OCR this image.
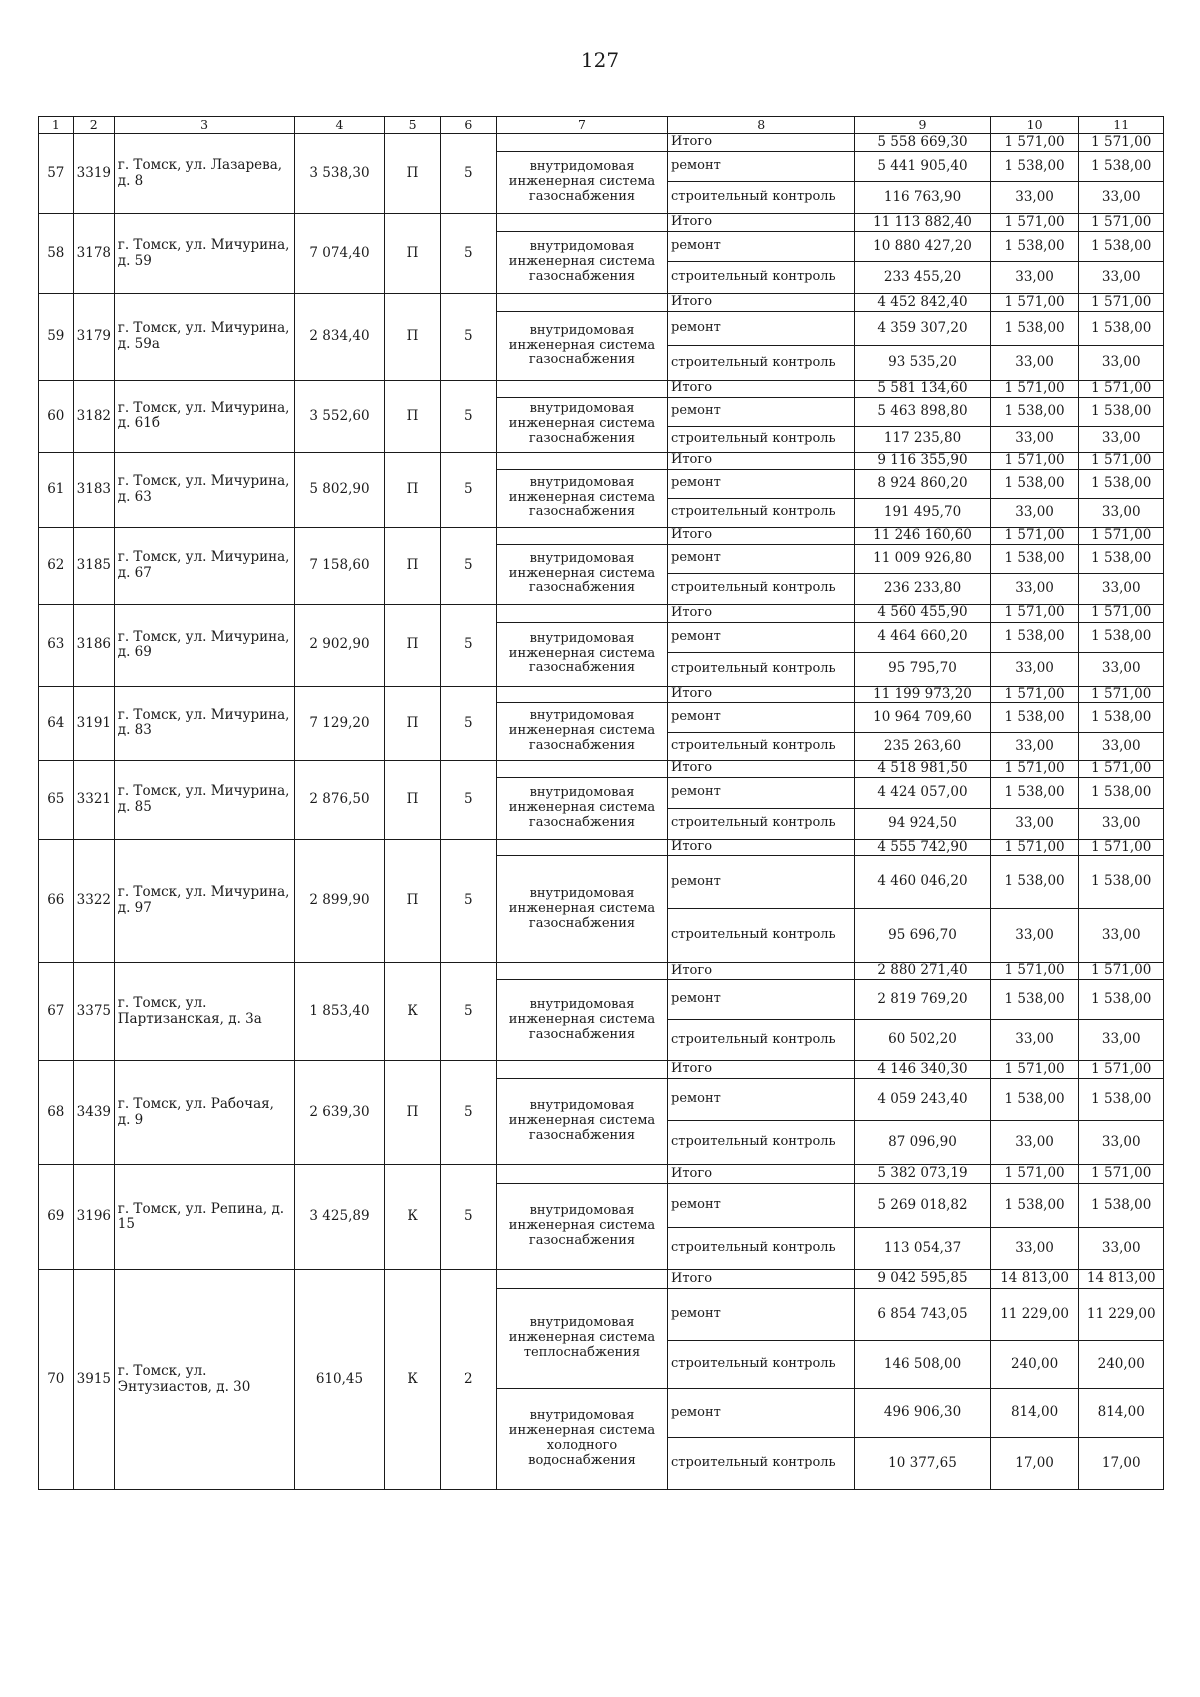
127
1	2	3	4	5	6	7	8	9	10	11
57	3319	г. Томск, ул. Лазарева, д. 8	3 538,30	П	5		Итого	5 558 669,30	1 571,00	1 571,00
						внутридомовая инженерная система газоснабжения	ремонт	5 441 905,40	1 538,00	1 538,00
							строительный контроль	116 763,90	33,00	33,00
58	3178	г. Томск, ул. Мичурина, д. 59	7 074,40	П	5		Итого	11 113 882,40	1 571,00	1 571,00
						внутридомовая инженерная система газоснабжения	ремонт	10 880 427,20	1 538,00	1 538,00
							строительный контроль	233 455,20	33,00	33,00
59	3179	г. Томск, ул. Мичурина, д. 59а	2 834,40	П	5		Итого	4 452 842,40	1 571,00	1 571,00
						внутридомовая инженерная система газоснабжения	ремонт	4 359 307,20	1 538,00	1 538,00
							строительный контроль	93 535,20	33,00	33,00
60	3182	г. Томск, ул. Мичурина, д. 61б	3 552,60	П	5		Итого	5 581 134,60	1 571,00	1 571,00
						внутридомовая инженерная система газоснабжения	ремонт	5 463 898,80	1 538,00	1 538,00
							строительный контроль	117 235,80	33,00	33,00
61	3183	г. Томск, ул. Мичурина, д. 63	5 802,90	П	5		Итого	9 116 355,90	1 571,00	1 571,00
						внутридомовая инженерная система газоснабжения	ремонт	8 924 860,20	1 538,00	1 538,00
							строительный контроль	191 495,70	33,00	33,00
62	3185	г. Томск, ул. Мичурина, д. 67	7 158,60	П	5		Итого	11 246 160,60	1 571,00	1 571,00
						внутридомовая инженерная система газоснабжения	ремонт	11 009 926,80	1 538,00	1 538,00
							строительный контроль	236 233,80	33,00	33,00
63	3186	г. Томск, ул. Мичурина, д. 69	2 902,90	П	5		Итого	4 560 455,90	1 571,00	1 571,00
						внутридомовая инженерная система газоснабжения	ремонт	4 464 660,20	1 538,00	1 538,00
							строительный контроль	95 795,70	33,00	33,00
64	3191	г. Томск, ул. Мичурина, д. 83	7 129,20	П	5		Итого	11 199 973,20	1 571,00	1 571,00
						внутридомовая инженерная система газоснабжения	ремонт	10 964 709,60	1 538,00	1 538,00
							строительный контроль	235 263,60	33,00	33,00
65	3321	г. Томск, ул. Мичурина, д. 85	2 876,50	П	5		Итого	4 518 981,50	1 571,00	1 571,00
						внутридомовая инженерная система газоснабжения	ремонт	4 424 057,00	1 538,00	1 538,00
							строительный контроль	94 924,50	33,00	33,00
66	3322	г. Томск, ул. Мичурина, д. 97	2 899,90	П	5		Итого	4 555 742,90	1 571,00	1 571,00
						внутридомовая инженерная система газоснабжения	ремонт	4 460 046,20	1 538,00	1 538,00
							строительный контроль	95 696,70	33,00	33,00
67	3375	г. Томск, ул. Партизанская, д. 3а	1 853,40	К	5		Итого	2 880 271,40	1 571,00	1 571,00
						внутридомовая инженерная система газоснабжения	ремонт	2 819 769,20	1 538,00	1 538,00
							строительный контроль	60 502,20	33,00	33,00
68	3439	г. Томск, ул. Рабочая, д. 9	2 639,30	П	5		Итого	4 146 340,30	1 571,00	1 571,00
						внутридомовая инженерная система газоснабжения	ремонт	4 059 243,40	1 538,00	1 538,00
							строительный контроль	87 096,90	33,00	33,00
69	3196	г. Томск, ул. Репина, д. 15	3 425,89	К	5		Итого	5 382 073,19	1 571,00	1 571,00
						внутридомовая инженерная система газоснабжения	ремонт	5 269 018,82	1 538,00	1 538,00
							строительный контроль	113 054,37	33,00	33,00
70	3915	г. Томск, ул. Энтузиастов, д. 30	610,45	К	2		Итого	9 042 595,85	14 813,00	14 813,00
						внутридомовая инженерная система теплоснабжения	ремонт	6 854 743,05	11 229,00	11 229,00
							строительный контроль	146 508,00	240,00	240,00
						внутридомовая инженерная система холодного водоснабжения	ремонт	496 906,30	814,00	814,00
							строительный контроль	10 377,65	17,00	17,00
